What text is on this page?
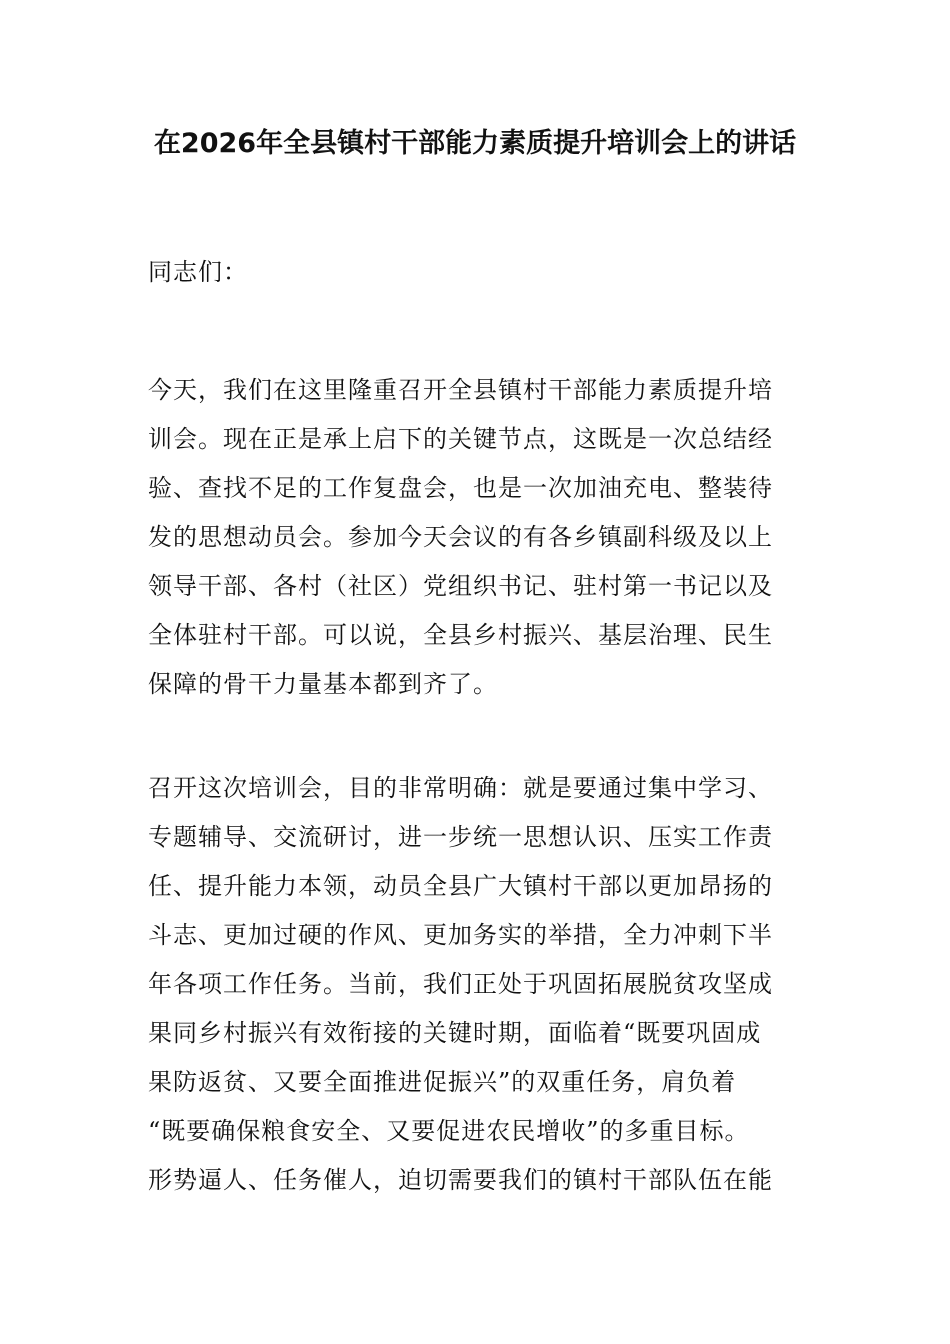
在2026年全县镇村干部能力素质提升培训会上的讲话

同志们：

今天，我们在这里隆重召开全县镇村干部能力素质提升培
训会。现在正是承上启下的关键节点，这既是一次总结经
验、查找不足的工作复盘会，也是一次加油充电、整装待
发的思想动员会。参加今天会议的有各乡镇副科级及以上
领导干部、各村（社区）党组织书记、驻村第一书记以及
全体驻村干部。可以说，全县乡村振兴、基层治理、民生
保障的骨干力量基本都到齐了。

召开这次培训会，目的非常明确：就是要通过集中学习、
专题辅导、交流研讨，进一步统一思想认识、压实工作责
任、提升能力本领，动员全县广大镇村干部以更加昂扬的
斗志、更加过硬的作风、更加务实的举措，全力冲刺下半
年各项工作任务。当前，我们正处于巩固拓展脱贫攻坚成
果同乡村振兴有效衔接的关键时期，面临着“既要巩固成
果防返贫、又要全面推进促振兴”的双重任务，肩负着
“既要确保粮食安全、又要促进农民增收”的多重目标。
形势逼人、任务催人，迫切需要我们的镇村干部队伍在能
